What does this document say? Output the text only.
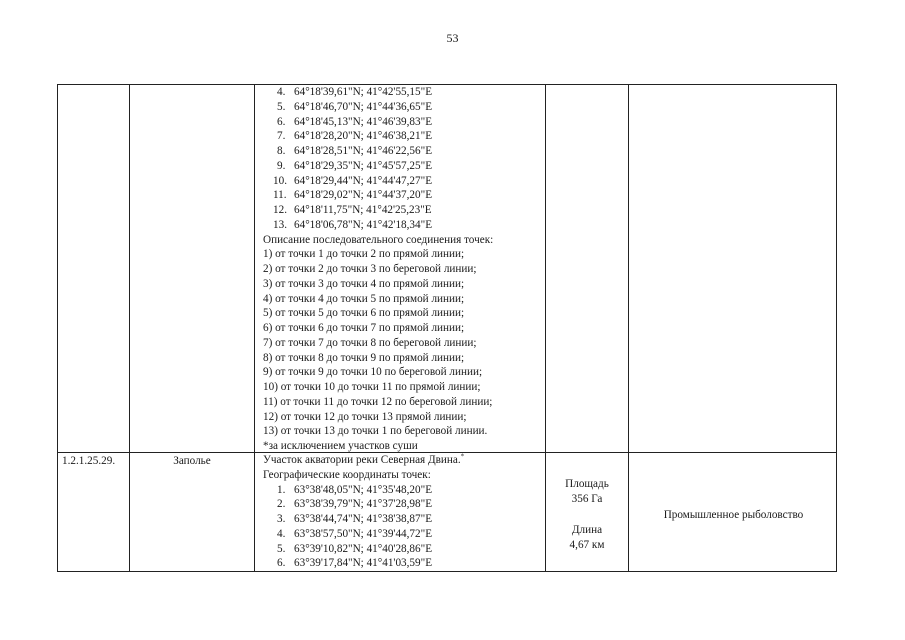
53
4. 64°18'39,61"N; 41°42'55,15"E
5. 64°18'46,70"N; 41°44'36,65"E
6. 64°18'45,13"N; 41°46'39,83"E
7. 64°18'28,20"N; 41°46'38,21"E
8. 64°18'28,51"N; 41°46'22,56"E
9. 64°18'29,35"N; 41°45'57,25"E
10. 64°18'29,44"N; 41°44'47,27"E
11. 64°18'29,02"N; 41°44'37,20"E
12. 64°18'11,75"N; 41°42'25,23"E
13. 64°18'06,78"N; 41°42'18,34"E
Описание последовательного соединения точек:
1) от точки 1 до точки 2 по прямой линии;
2) от точки 2 до точки 3 по береговой линии;
3) от точки 3 до точки 4 по прямой линии;
4) от точки 4 до точки 5 по прямой линии;
5) от точки 5 до точки 6 по прямой линии;
6) от точки 6 до точки 7 по прямой линии;
7) от точки 7 до точки 8 по береговой линии;
8) от точки 8 до точки 9 по прямой линии;
9) от точки 9 до точки 10 по береговой линии;
10) от точки 10 до точки 11 по прямой линии;
11) от точки 11 до точки 12 по береговой линии;
12) от точки 12 до точки 13 прямой линии;
13) от точки 13 до точки 1 по береговой линии.
*за исключением участков суши
1.2.1.25.29.	Заполье	Участок акватории реки Северная Двина.*
Географические координаты точек:
1. 63°38'48,05"N; 41°35'48,20"E
2. 63°38'39,79"N; 41°37'28,98"E
3. 63°38'44,74"N; 41°38'38,87"E
4. 63°38'57,50"N; 41°39'44,72"E
5. 63°39'10,82"N; 41°40'28,86"E
6. 63°39'17,84"N; 41°41'03,59"E
Площадь
356 Га
Длина
4,67 км
Промышленное рыболовство
